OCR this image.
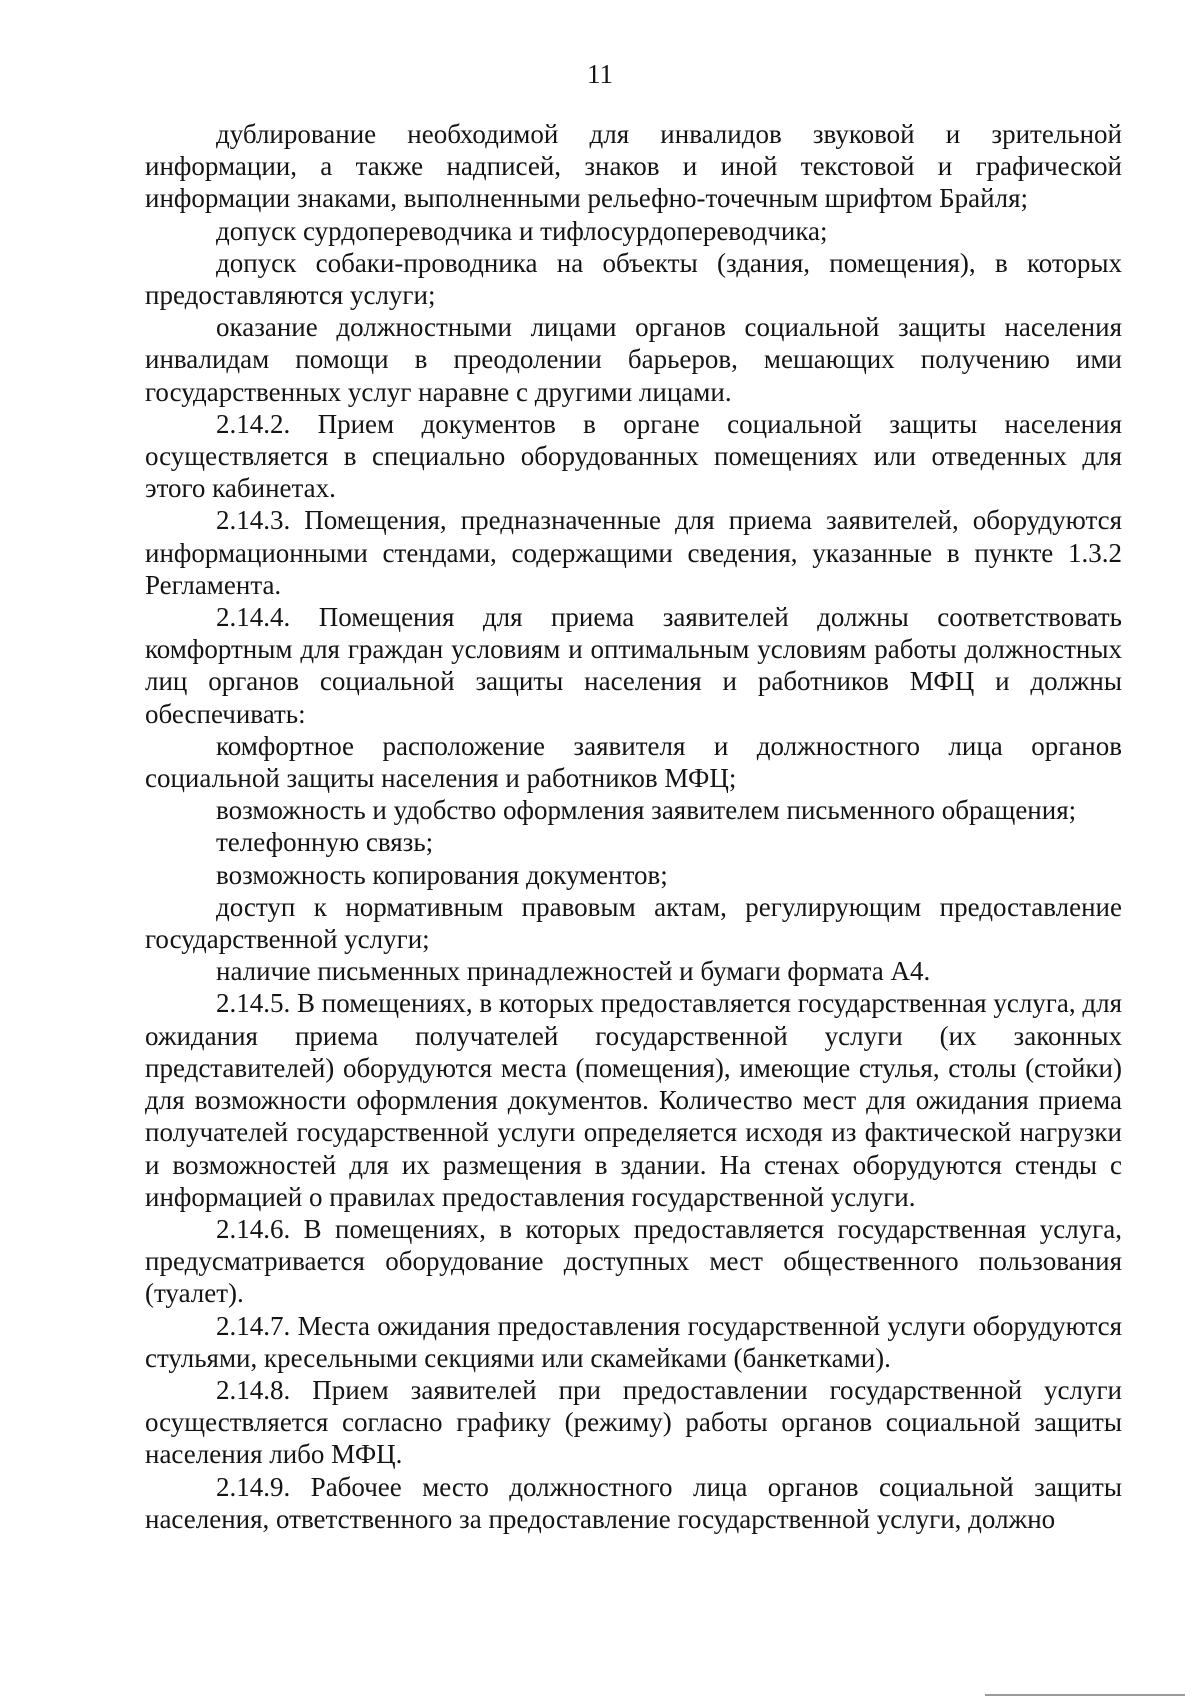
11

дублирование необходимой для инвалидов звуковой и зрительной информации, а также надписей, знаков и иной текстовой и графической информации знаками, выполненными рельефно-точечным шрифтом Брайля;

допуск сурдопереводчика и тифлосурдопереводчика;

допуск собаки-проводника на объекты (здания, помещения), в которых предоставляются услуги;

оказание должностными лицами органов социальной защиты населения инвалидам помощи в преодолении барьеров, мешающих получению ими государственных услуг наравне с другими лицами.

2.14.2. Прием документов в органе социальной защиты населения осуществляется в специально оборудованных помещениях или отведенных для этого кабинетах.

2.14.3. Помещения, предназначенные для приема заявителей, оборудуются информационными стендами, содержащими сведения, указанные в пункте 1.3.2 Регламента.

2.14.4. Помещения для приема заявителей должны соответствовать комфортным для граждан условиям и оптимальным условиям работы должностных лиц органов социальной защиты населения и работников МФЦ и должны обеспечивать:

комфортное расположение заявителя и должностного лица органов социальной защиты населения и работников МФЦ;

возможность и удобство оформления заявителем письменного обращения;

телефонную связь;

возможность копирования документов;

доступ к нормативным правовым актам, регулирующим предоставление государственной услуги;

наличие письменных принадлежностей и бумаги формата А4.

2.14.5. В помещениях, в которых предоставляется государственная услуга, для ожидания приема получателей государственной услуги (их законных представителей) оборудуются места (помещения), имеющие стулья, столы (стойки) для возможности оформления документов. Количество мест для ожидания приема получателей государственной услуги определяется исходя из фактической нагрузки и возможностей для их размещения в здании. На стенах оборудуются стенды с информацией о правилах предоставления государственной услуги.

2.14.6. В помещениях, в которых предоставляется государственная услуга, предусматривается оборудование доступных мест общественного пользования (туалет).

2.14.7. Места ожидания предоставления государственной услуги оборудуются стульями, кресельными секциями или скамейками (банкетками).

2.14.8. Прием заявителей при предоставлении государственной услуги осуществляется согласно графику (режиму) работы органов социальной защиты населения либо МФЦ.

2.14.9. Рабочее место должностного лица органов социальной защиты населения, ответственного за предоставление государственной услуги, должно
